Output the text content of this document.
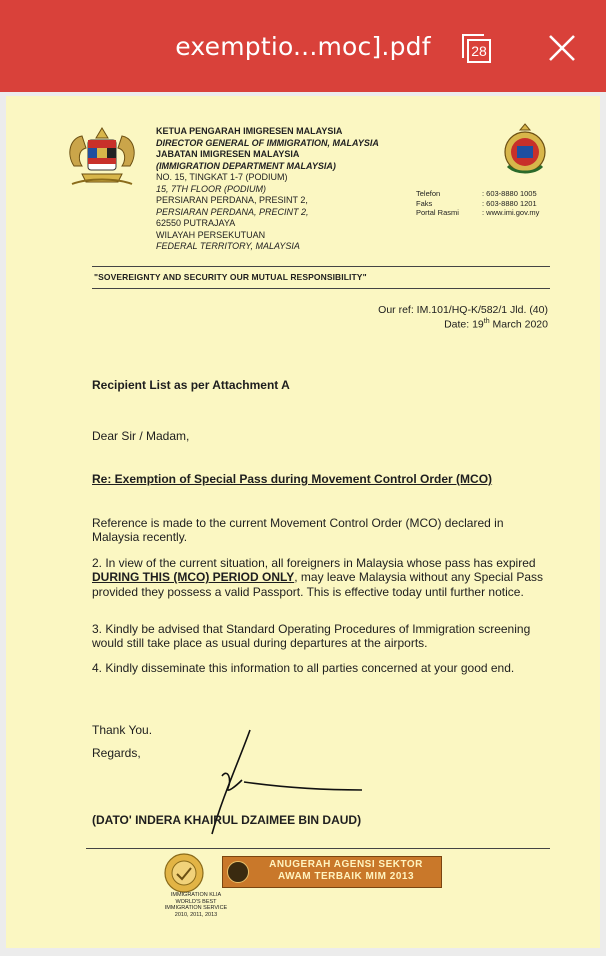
exemptio...moc].pdf	28
KETUA PENGARAH IMIGRESEN MALAYSIA
DIRECTOR GENERAL OF IMMIGRATION, MALAYSIA
JABATAN IMIGRESEN MALAYSIA
(IMMIGRATION DEPARTMENT MALAYSIA)
NO. 15, TINGKAT 1-7 (PODIUM)
15, 7TH FLOOR (PODIUM)
PERSIARAN PERDANA, PRESINT 2,
PERSIARAN PERDANA, PRECINT 2,
62550 PUTRAJAYA
WILAYAH PERSEKUTUAN
FEDERAL TERRITORY, MALAYSIA
Telefon	: 603-8880 1005
Faks	: 603-8880 1201
Portal Rasmi	: www.imi.gov.my
"SOVEREIGNTY AND SECURITY OUR MUTUAL RESPONSIBILITY"
Our ref: IM.101/HQ-K/582/1 Jld. (40)
Date: 19th March 2020
Recipient List as per Attachment A
Dear Sir / Madam,
Re: Exemption of Special Pass during Movement Control Order (MCO)
Reference is made to the current Movement Control Order (MCO) declared in Malaysia recently.
2. In view of the current situation, all foreigners in Malaysia whose pass has expired DURING THIS (MCO) PERIOD ONLY, may leave Malaysia without any Special Pass provided they possess a valid Passport. This is effective today until further notice.
3. Kindly be advised that Standard Operating Procedures of Immigration screening would still take place as usual during departures at the airports.
4. Kindly disseminate this information to all parties concerned at your good end.
Thank You.
Regards,
(DATO' INDERA KHAIRUL DZAIMEE BIN DAUD)
IMMIGRATION KLIA
WORLD'S BEST
IMMIGRATION SERVICE
2010, 2011, 2013
ANUGERAH AGENSI SEKTOR
AWAM TERBAIK MIM 2013
